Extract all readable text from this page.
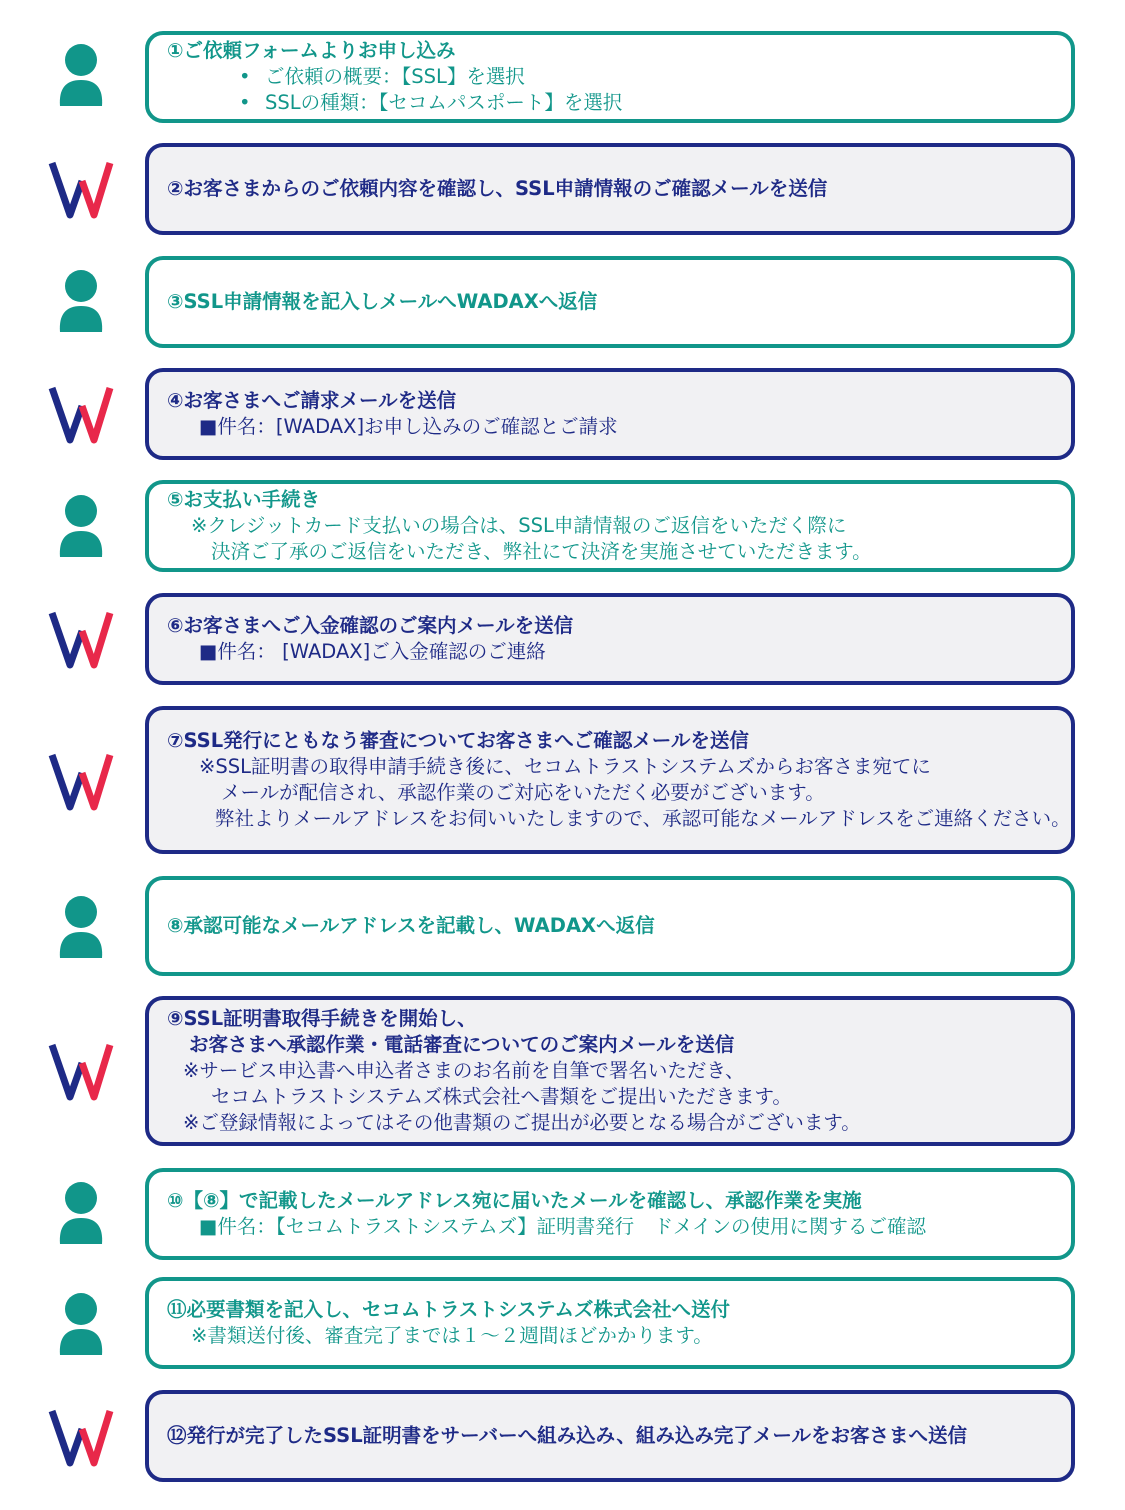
①ご依頼フォームよりお申し込み
• ご依頼の概要：【SSL】を選択
• SSLの種類：【セコムパスポート】を選択
②お客さまからのご依頼内容を確認し、SSL申請情報のご確認メールを送信
③SSL申請情報を記入しメールへWADAXへ返信
④お客さまへご請求メールを送信
■件名：[WADAX]お申し込みのご確認とご請求
⑤お支払い手続き
※クレジットカード支払いの場合は、SSL申請情報のご返信をいただく際に
決済ご了承のご返信をいただき、弊社にて決済を実施させていただきます。
⑥お客さまへご入金確認のご案内メールを送信
■件名： [WADAX]ご入金確認のご連絡
⑦SSL発行にともなう審査についてお客さまへご確認メールを送信
※SSL証明書の取得申請手続き後に、セコムトラストシステムズからお客さま宛てに
メールが配信され、承認作業のご対応をいただく必要がございます。
弊社よりメールアドレスをお伺いいたしますので、承認可能なメールアドレスをご連絡ください。
⑧承認可能なメールアドレスを記載し、WADAXへ返信
⑨SSL証明書取得手続きを開始し、
お客さまへ承認作業・電話審査についてのご案内メールを送信
※サービス申込書へ申込者さまのお名前を自筆で署名いただき、
セコムトラストシステムズ株式会社へ書類をご提出いただきます。
※ご登録情報によってはその他書類のご提出が必要となる場合がございます。
⑩【⑧】で記載したメールアドレス宛に届いたメールを確認し、承認作業を実施
■件名：【セコムトラストシステムズ】証明書発行　ドメインの使用に関するご確認
⑪必要書類を記入し、セコムトラストシステムズ株式会社へ送付
※書類送付後、審査完了までは１～２週間ほどかかります。
⑫発行が完了したSSL証明書をサーバーへ組み込み、組み込み完了メールをお客さまへ送信
